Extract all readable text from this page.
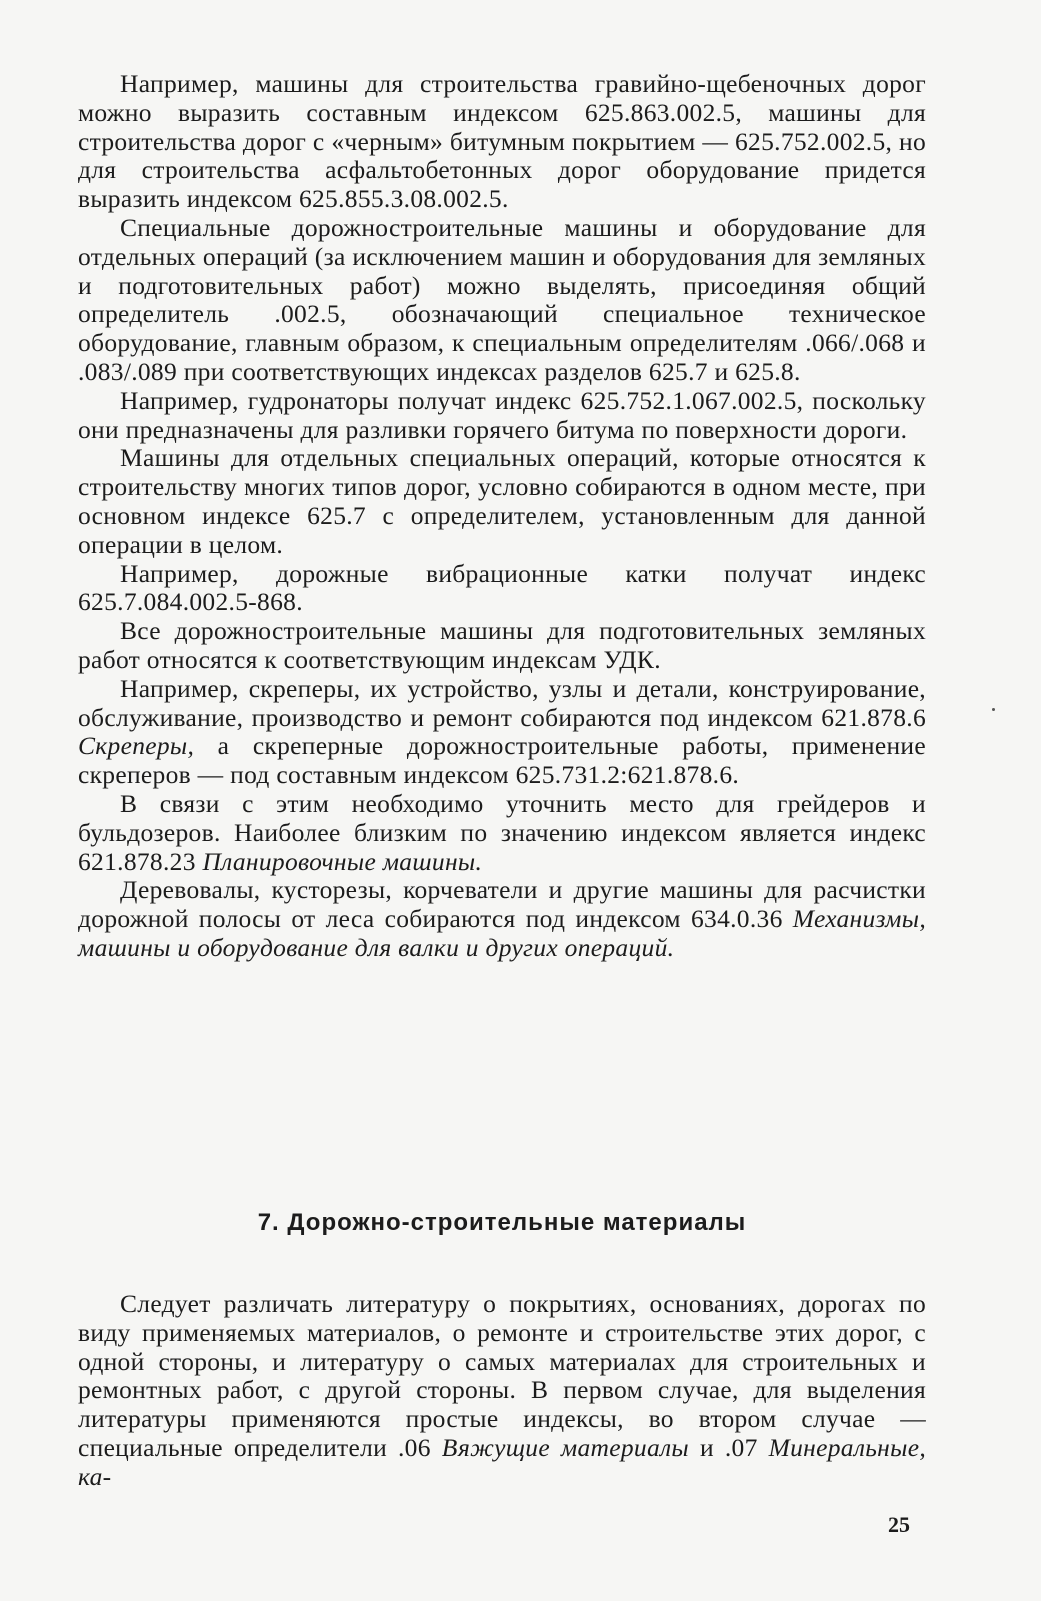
Например, машины для строительства гравийно-щебеночных дорог можно выразить составным индексом 625.863.002.5, машины для строительства дорог с «черным» битумным покрытием — 625.752.002.5, но для строительства асфальтобетонных дорог оборудование придется выразить индексом 625.855.3.08.002.5.

Специальные дорожностроительные машины и оборудование для отдельных операций (за исключением машин и оборудования для земляных и подготовительных работ) можно выделять, присоединяя общий определитель .002.5, обозначающий специальное техническое оборудование, главным образом, к специальным определителям .066/.068 и .083/.089 при соответствующих индексах разделов 625.7 и 625.8.

Например, гудронаторы получат индекс 625.752.1.067.002.5, поскольку они предназначены для разливки горячего битума по поверхности дороги.

Машины для отдельных специальных операций, которые относятся к строительству многих типов дорог, условно собираются в одном месте, при основном индексе 625.7 с определителем, установленным для данной операции в целом.

Например, дорожные вибрационные катки получат индекс 625.7.084.002.5-868.

Все дорожностроительные машины для подготовительных земляных работ относятся к соответствующим индексам УДК.

Например, скреперы, их устройство, узлы и детали, конструирование, обслуживание, производство и ремонт собираются под индексом 621.878.6 Скреперы, а скреперные дорожностроительные работы, применение скреперов — под составным индексом 625.731.2:621.878.6.

В связи с этим необходимо уточнить место для грейдеров и бульдозеров. Наиболее близким по значению индексом является индекс 621.878.23 Планировочные машины.

Деревовалы, кусторезы, корчеватели и другие машины для расчистки дорожной полосы от леса собираются под индексом 634.0.36 Механизмы, машины и оборудование для валки и других операций.

7. Дорожно-строительные материалы

Следует различать литературу о покрытиях, основаниях, дорогах по виду применяемых материалов, о ремонте и строительстве этих дорог, с одной стороны, и литературу о самых материалах для строительных и ремонтных работ, с другой стороны. В первом случае, для выделения литературы применяются простые индексы, во втором случае — специальные определители .06 Вяжущие материалы и .07 Минеральные, ка-

25
